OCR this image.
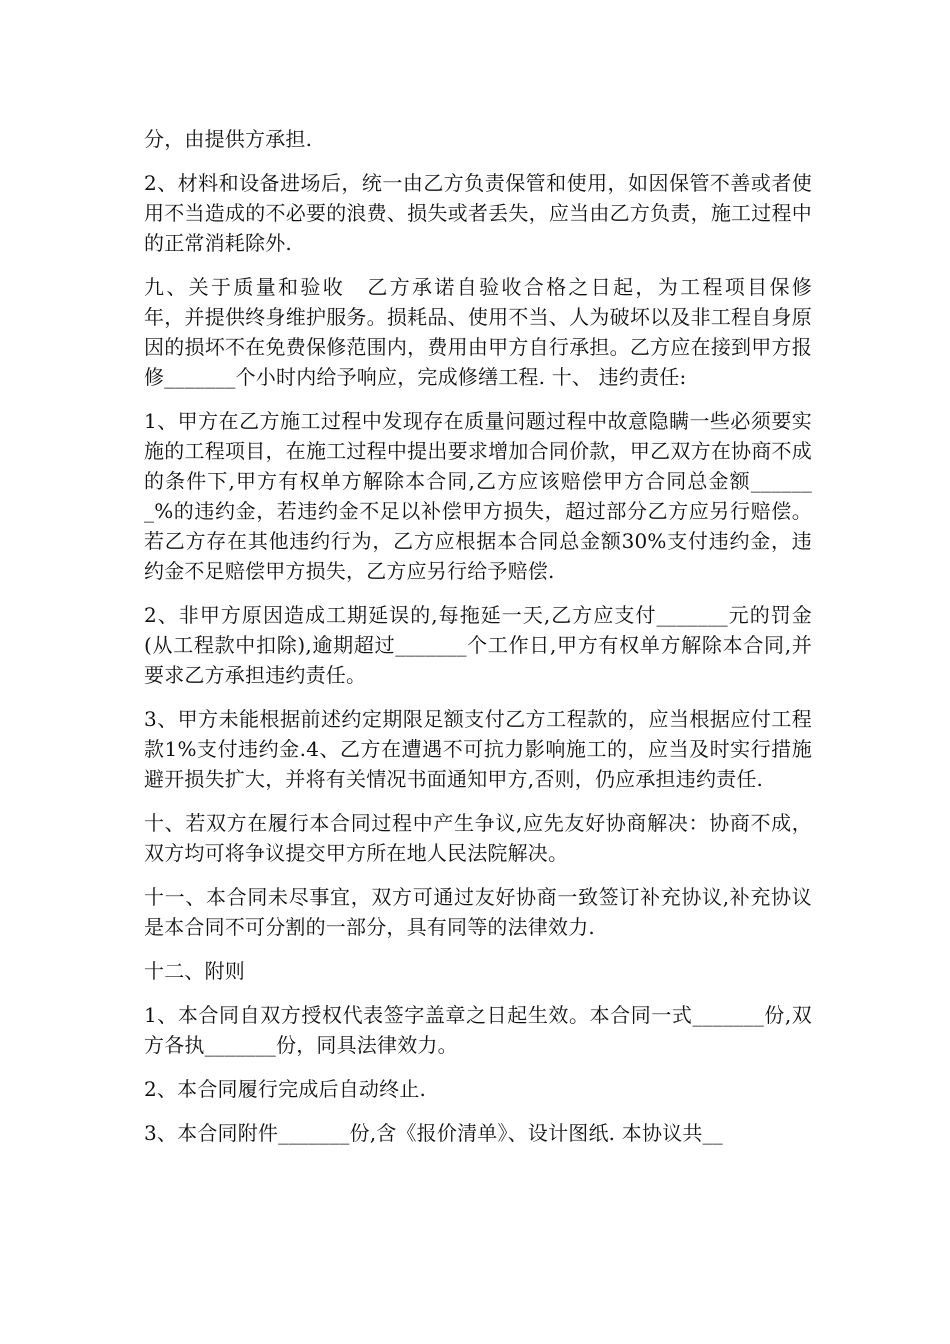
分，由提供方承担.

2、材料和设备进场后，统一由乙方负责保管和使用，如因保管不善或者使用不当造成的不必要的浪费、损失或者丢失，应当由乙方负责，施工过程中的正常消耗除外.

九、关于质量和验收　乙方承诺自验收合格之日起，为工程项目保修　　年，并提供终身维护服务。损耗品、使用不当、人为破坏以及非工程自身原因的损坏不在免费保修范围内，费用由甲方自行承担。乙方应在接到甲方报修_______个小时内给予响应，完成修缮工程. 十、 违约责任:

1、甲方在乙方施工过程中发现存在质量问题过程中故意隐瞒一些必须要实施的工程项目，在施工过程中提出要求增加合同价款，甲乙双方在协商不成的条件下,甲方有权单方解除本合同,乙方应该赔偿甲方合同总金额_______%的违约金，若违约金不足以补偿甲方损失，超过部分乙方应另行赔偿。若乙方存在其他违约行为，乙方应根据本合同总金额30%支付违约金，违约金不足赔偿甲方损失，乙方应另行给予赔偿.

2、非甲方原因造成工期延误的,每拖延一天,乙方应支付_______元的罚金(从工程款中扣除),逾期超过_______个工作日,甲方有权单方解除本合同,并要求乙方承担违约责任。

3、甲方未能根据前述约定期限足额支付乙方工程款的，应当根据应付工程款1%支付违约金.4、乙方在遭遇不可抗力影响施工的，应当及时实行措施避开损失扩大，并将有关情况书面通知甲方,否则，仍应承担违约责任.

十、若双方在履行本合同过程中产生争议,应先友好协商解决：协商不成，双方均可将争议提交甲方所在地人民法院解决。

十一、本合同未尽事宜，双方可通过友好协商一致签订补充协议,补充协议是本合同不可分割的一部分，具有同等的法律效力.

十二、附则

1、本合同自双方授权代表签字盖章之日起生效。本合同一式_______份,双方各执_______份，同具法律效力。

2、本合同履行完成后自动终止.

3、本合同附件_______份,含《报价清单》、设计图纸. 本协议共__
